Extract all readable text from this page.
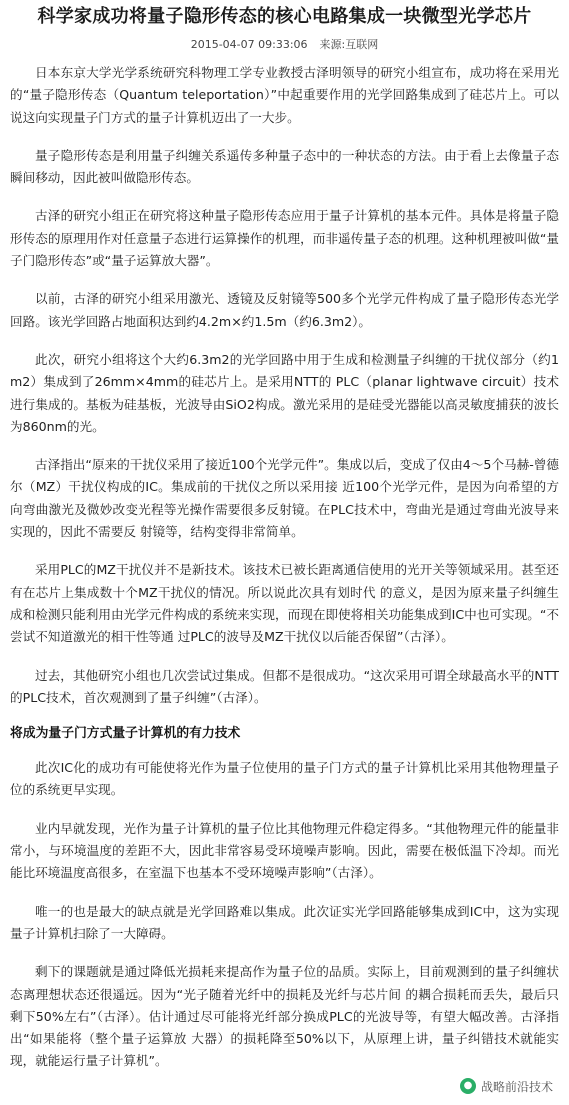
科学家成功将量子隐形传态的核心电路集成一块微型光学芯片
2015-04-07 09:33:06 来源:互联网

日本东京大学光学系统研究科物理工学专业教授古泽明领导的研究小组宣布，成功将在采用光的“量子隐形传态（Quantum teleportation）”中起重要作用的光学回路集成到了硅芯片上。可以说这向实现量子门方式的量子计算机迈出了一大步。

量子隐形传态是利用量子纠缠关系遥传多种量子态中的一种状态的方法。由于看上去像量子态瞬间移动，因此被叫做隐形传态。

古泽的研究小组正在研究将这种量子隐形传态应用于量子计算机的基本元件。具体是将量子隐形传态的原理用作对任意量子态进行运算操作的机理，而非遥传量子态的机理。这种机理被叫做“量子门隐形传态”或“量子运算放大器”。

以前，古泽的研究小组采用激光、透镜及反射镜等500多个光学元件构成了量子隐形传态光学回路。该光学回路占地面积达到约4.2m×约1.5m（约6.3m2）。

此次，研究小组将这个大约6.3m2的光学回路中用于生成和检测量子纠缠的干扰仪部分（约1m2）集成到了26mm×4mm的硅芯片上。是采用NTT的 PLC（planar lightwave circuit）技术进行集成的。基板为硅基板，光波导由SiO2构成。激光采用的是硅受光器能以高灵敏度捕获的波长为860nm的光。

古泽指出“原来的干扰仪采用了接近100个光学元件”。集成以后，变成了仅由4～5个马赫-曾德尔（MZ）干扰仪构成的IC。集成前的干扰仪之所以采用接 近100个光学元件，是因为向希望的方向弯曲激光及微妙改变光程等光操作需要很多反射镜。在PLC技术中，弯曲光是通过弯曲光波导来实现的，因此不需要反 射镜等，结构变得非常简单。

采用PLC的MZ干扰仪并不是新技术。该技术已被长距离通信使用的光开关等领域采用。甚至还有在芯片上集成数十个MZ干扰仪的情况。所以说此次具有划时代 的意义，是因为原来量子纠缠生成和检测只能利用由光学元件构成的系统来实现，而现在即使将相关功能集成到IC中也可实现。“不尝试不知道激光的相干性等通 过PLC的波导及MZ干扰仪以后能否保留”（古泽）。

过去，其他研究小组也几次尝试过集成。但都不是很成功。“这次采用可谓全球最高水平的NTT的PLC技术，首次观测到了量子纠缠”（古泽）。

将成为量子门方式量子计算机的有力技术

此次IC化的成功有可能使将光作为量子位使用的量子门方式的量子计算机比采用其他物理量子位的系统更早实现。

业内早就发现，光作为量子计算机的量子位比其他物理元件稳定得多。“其他物理元件的能量非常小，与环境温度的差距不大，因此非常容易受环境噪声影响。因此，需要在极低温下冷却。而光能比环境温度高很多，在室温下也基本不受环境噪声影响”（古泽）。

唯一的也是最大的缺点就是光学回路难以集成。此次证实光学回路能够集成到IC中，这为实现量子计算机扫除了一大障碍。

剩下的课题就是通过降低光损耗来提高作为量子位的品质。实际上，目前观测到的量子纠缠状态离理想状态还很遥远。因为“光子随着光纤中的损耗及光纤与芯片间 的耦合损耗而丢失，最后只剩下50%左右”（古泽）。估计通过尽可能将光纤部分换成PLC的光波导等，有望大幅改善。古泽指出“如果能将（整个量子运算放 大器）的损耗降至50%以下，从原理上讲，量子纠错技术就能实现，就能运行量子计算机”。

● 战略前沿技术
